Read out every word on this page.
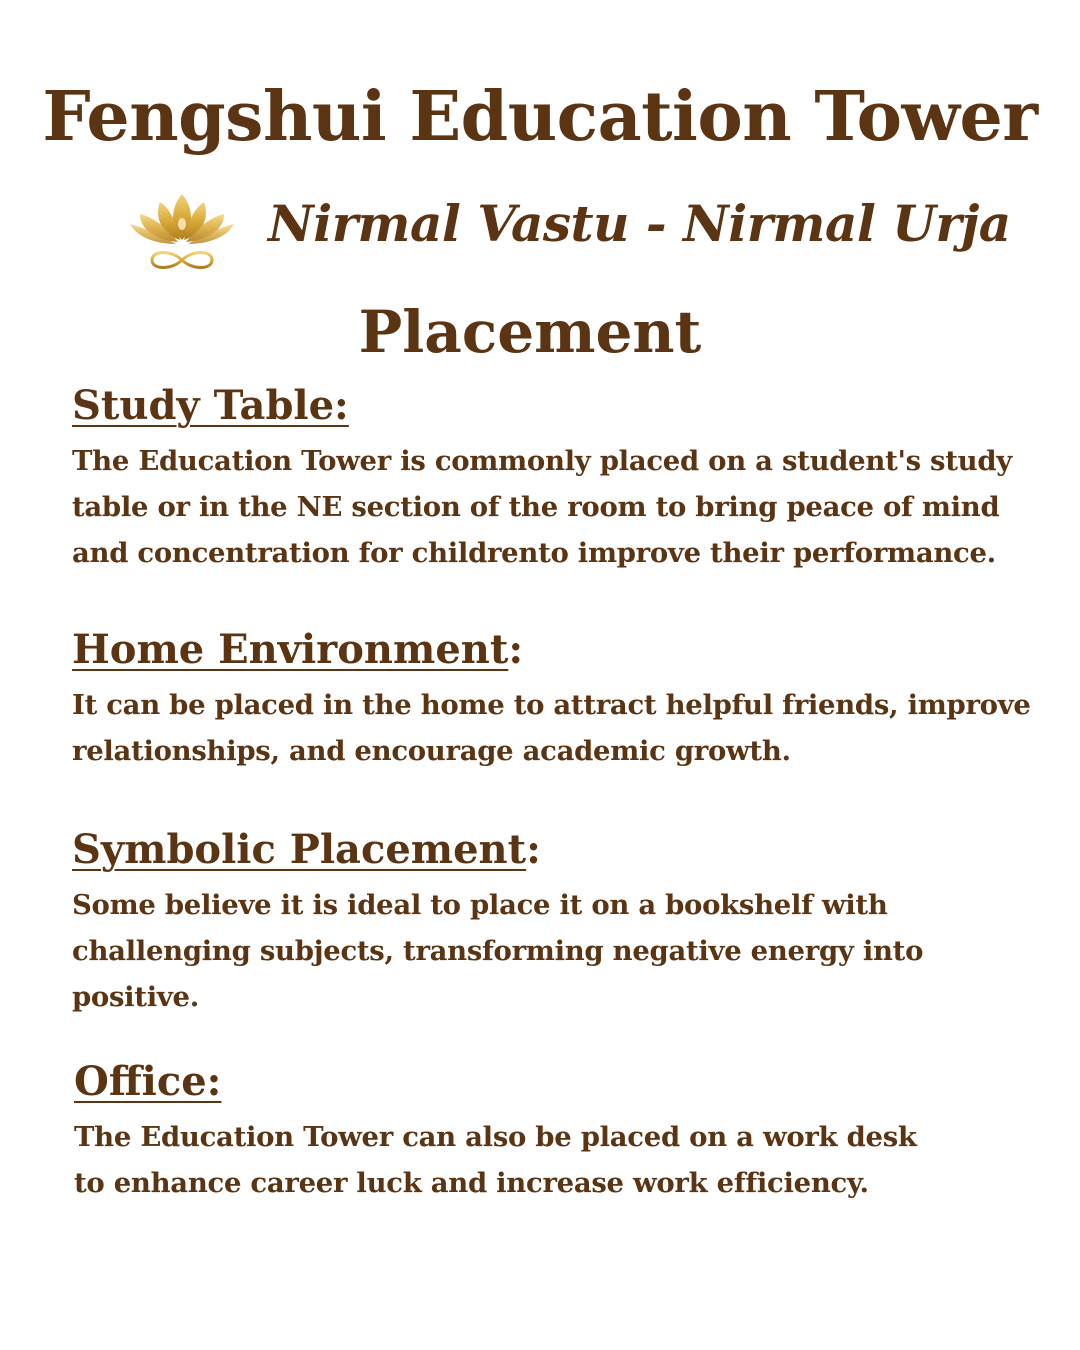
Fengshui Education Tower
Nirmal Vastu - Nirmal Urja
Placement
Study Table:

The Education Tower is commonly placed on a student's study
table or in the NE section of the room to bring peace of mind
and concentration for childrento improve their performance.

Home Environment:

It can be placed in the home to attract helpful friends, improve
relationships, and encourage academic growth.

Symbolic Placement:

Some believe it is ideal to place it on a bookshelf with
challenging subjects, transforming negative energy into
positive.

Office:

The Education Tower can also be placed on a work desk
to enhance career luck and increase work efficiency.
